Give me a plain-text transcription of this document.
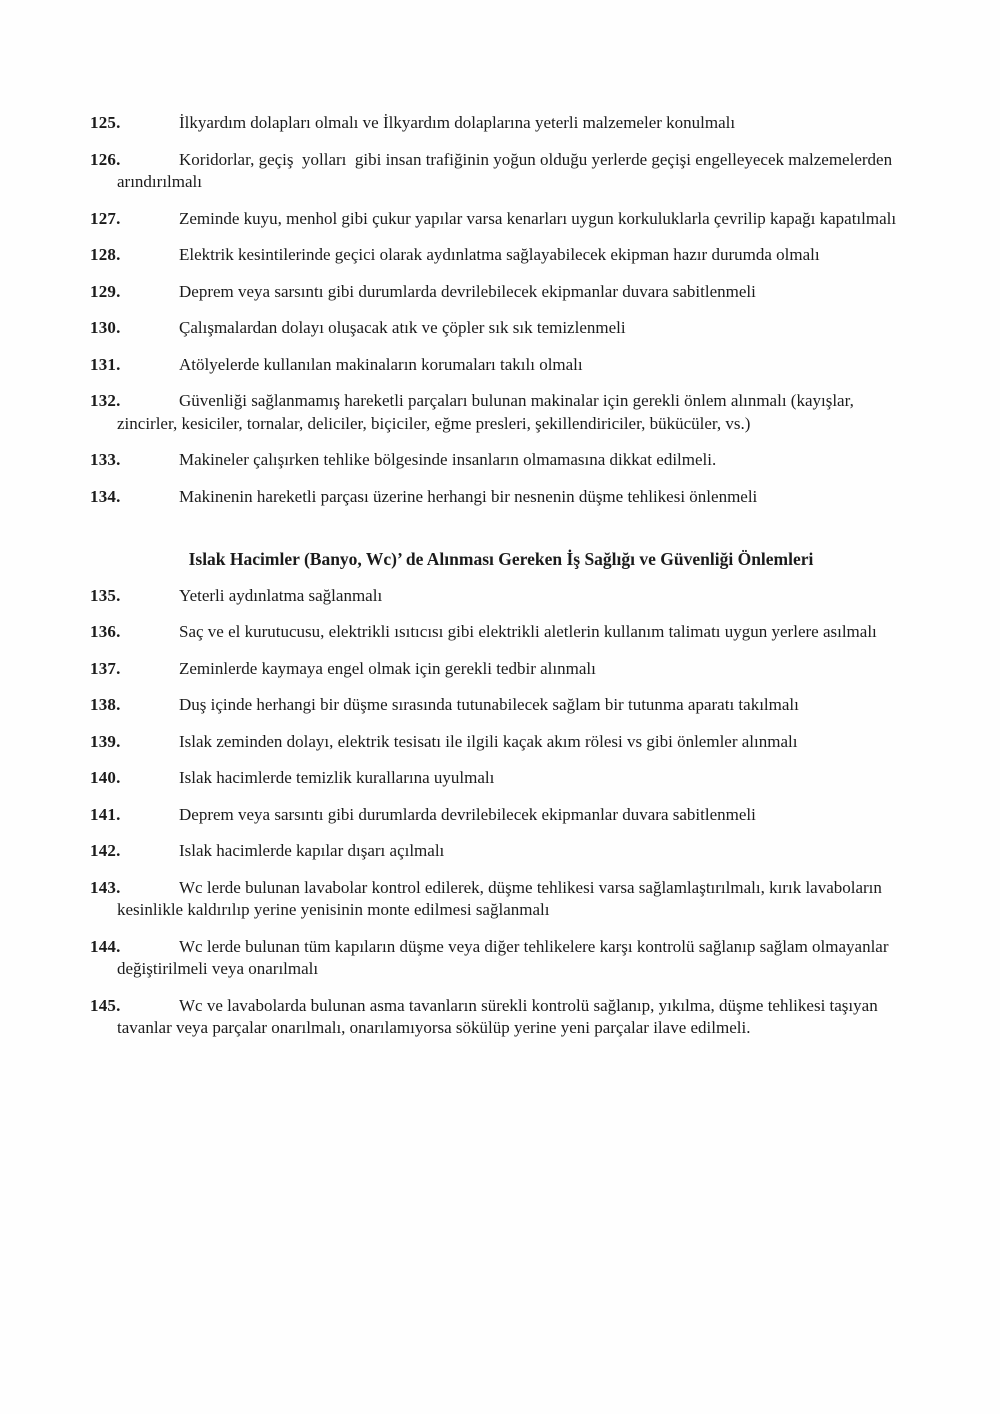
125.	İlkyardım dolapları olmalı ve İlkyardım dolaplarına yeterli malzemeler konulmalı
126.	Koridorlar, geçiş  yolları  gibi insan trafiğinin yoğun olduğu yerlerde geçişi engelleyecek malzemelerden arındırılmalı
127.	Zeminde kuyu, menhol gibi çukur yapılar varsa kenarları uygun korkuluklarla çevrilip kapağı kapatılmalı
128.	Elektrik kesintilerinde geçici olarak aydınlatma sağlayabilecek ekipman hazır durumda olmalı
129.	Deprem veya sarsıntı gibi durumlarda devrilebilecek ekipmanlar duvara sabitlenmeli
130.	Çalışmalardan dolayı oluşacak atık ve çöpler sık sık temizlenmeli
131.	Atölyelerde kullanılan makinaların korumaları takılı olmalı
132.	Güvenliği sağlanmamış hareketli parçaları bulunan makinalar için gerekli önlem alınmalı (kayışlar, zincirler, kesiciler, tornalar, deliciler, biçiciler, eğme presleri, şekillendiriciler, bükücüler, vs.)
133.	Makineler çalışırken tehlike bölgesinde insanların olmamasına dikkat edilmeli.
134.	Makinenin hareketli parçası üzerine herhangi bir nesnenin düşme tehlikesi önlenmeli
Islak Hacimler (Banyo, Wc)’ de Alınması Gereken İş Sağlığı ve Güvenliği Önlemleri
135.	Yeterli aydınlatma sağlanmalı
136.	Saç ve el kurutucusu, elektrikli ısıtıcısı gibi elektrikli aletlerin kullanım talimatı uygun yerlere asılmalı
137.	Zeminlerde kaymaya engel olmak için gerekli tedbir alınmalı
138.	Duş içinde herhangi bir düşme sırasında tutunabilecek sağlam bir tutunma aparatı takılmalı
139.	Islak zeminden dolayı, elektrik tesisatı ile ilgili kaçak akım rölesi vs gibi önlemler alınmalı
140.	Islak hacimlerde temizlik kurallarına uyulmalı
141.	Deprem veya sarsıntı gibi durumlarda devrilebilecek ekipmanlar duvara sabitlenmeli
142.	Islak hacimlerde kapılar dışarı açılmalı
143.	Wc lerde bulunan lavabolar kontrol edilerek, düşme tehlikesi varsa sağlamlaştırılmalı, kırık lavaboların kesinlikle kaldırılıp yerine yenisinin monte edilmesi sağlanmalı
144.	Wc lerde bulunan tüm kapıların düşme veya diğer tehlikelere karşı kontrolü sağlanıp sağlam olmayanlar değiştirilmeli veya onarılmalı
145.	Wc ve lavabolarda bulunan asma tavanların sürekli kontrolü sağlanıp, yıkılma, düşme tehlikesi taşıyan tavanlar veya parçalar onarılmalı, onarılamıyorsa sökülüp yerine yeni parçalar ilave edilmeli.
